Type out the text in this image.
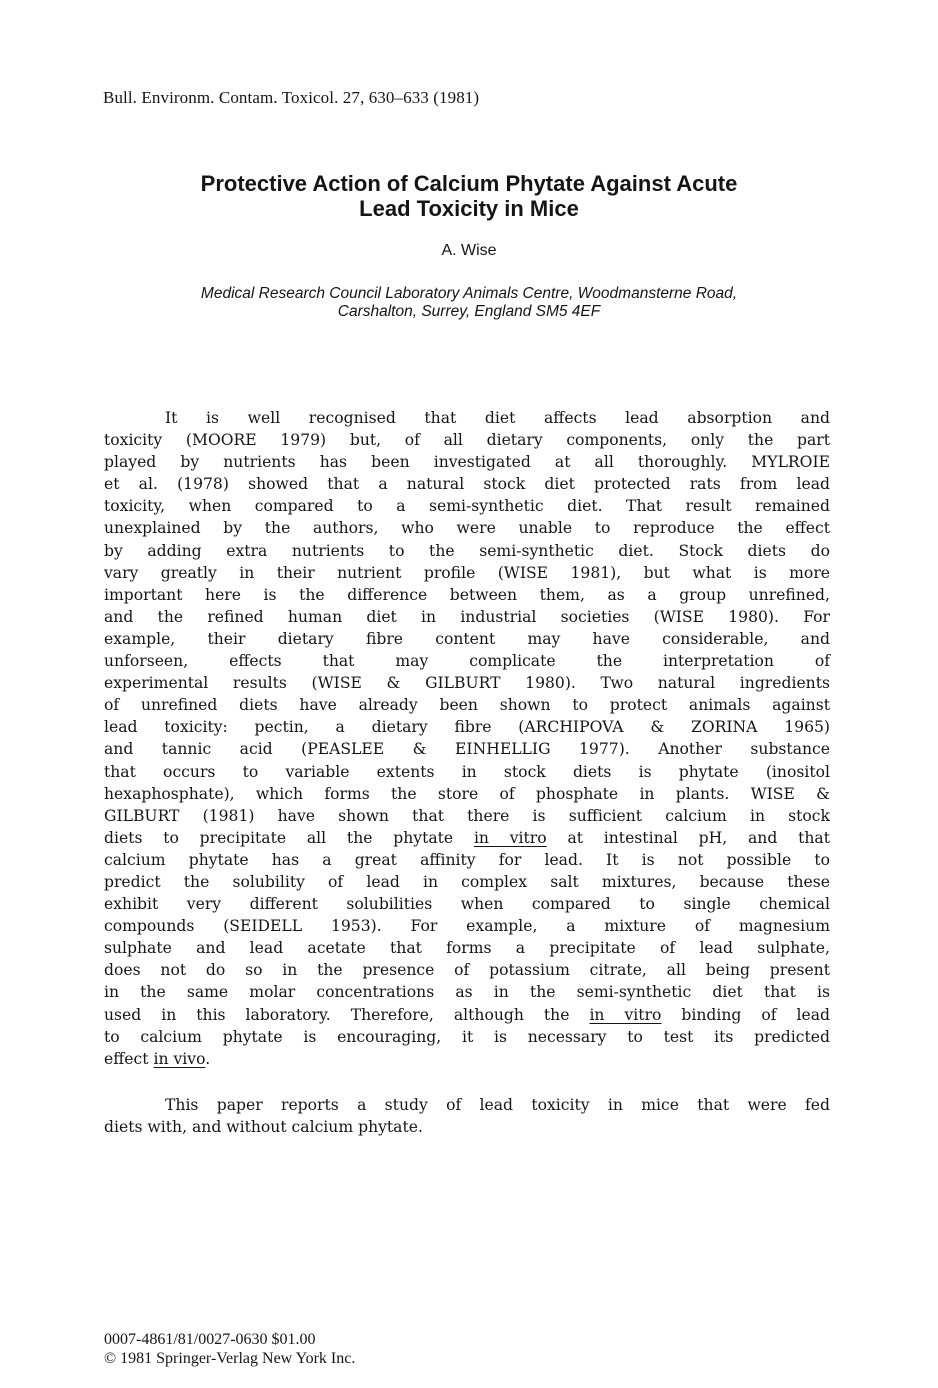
Bull. Environm. Contam. Toxicol. 27, 630–633 (1981)
Protective Action of Calcium Phytate Against Acute
Lead Toxicity in Mice
A. Wise
Medical Research Council Laboratory Animals Centre, Woodmansterne Road,
Carshalton, Surrey, England SM5 4EF
It is well recognised that diet affects lead absorption and
toxicity (MOORE 1979) but, of all dietary components, only the part
played by nutrients has been investigated at all thoroughly. MYLROIE
et al. (1978) showed that a natural stock diet protected rats from lead
toxicity, when compared to a semi-synthetic diet. That result remained
unexplained by the authors, who were unable to reproduce the effect
by adding extra nutrients to the semi-synthetic diet. Stock diets do
vary greatly in their nutrient profile (WISE 1981), but what is more
important here is the difference between them, as a group unrefined,
and the refined human diet in industrial societies (WISE 1980). For
example, their dietary fibre content may have considerable, and
unforseen, effects that may complicate the interpretation of
experimental results (WISE & GILBURT 1980). Two natural ingredients
of unrefined diets have already been shown to protect animals against
lead toxicity: pectin, a dietary fibre (ARCHIPOVA & ZORINA 1965)
and tannic acid (PEASLEE & EINHELLIG 1977). Another substance
that occurs to variable extents in stock diets is phytate (inositol
hexaphosphate), which forms the store of phosphate in plants. WISE &
GILBURT (1981) have shown that there is sufficient calcium in stock
diets to precipitate all the phytate in vitro at intestinal pH, and that
calcium phytate has a great affinity for lead. It is not possible to
predict the solubility of lead in complex salt mixtures, because these
exhibit very different solubilities when compared to single chemical
compounds (SEIDELL 1953). For example, a mixture of magnesium
sulphate and lead acetate that forms a precipitate of lead sulphate,
does not do so in the presence of potassium citrate, all being present
in the same molar concentrations as in the semi-synthetic diet that is
used in this laboratory. Therefore, although the in vitro binding of lead
to calcium phytate is encouraging, it is necessary to test its predicted
effect in vivo.
This paper reports a study of lead toxicity in mice that were fed
diets with, and without calcium phytate.
0007-4861/81/0027-0630 $01.00
© 1981 Springer-Verlag New York Inc.
